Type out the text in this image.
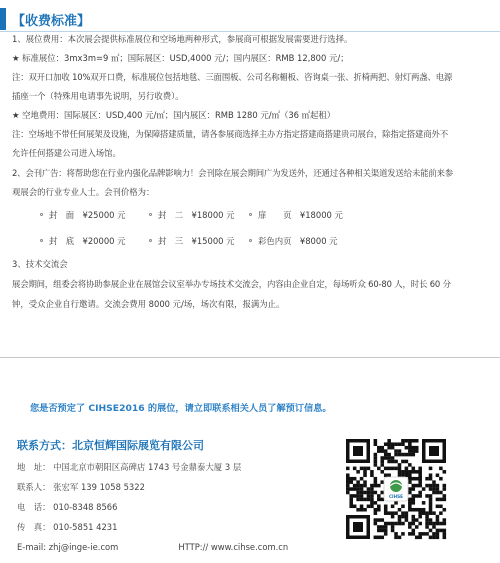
【收费标准】
1、展位费用：本次展会提供标准展位和空场地两种形式，参展商可根据发展需要进行选择。
★ 标准展位：3mx3m=9 ㎡；国际展区：USD,4000 元/；国内展区：RMB 12,800 元/；
注：双开口加收 10%双开口费，标准展位包括地毯、三面围板、公司名称楣板、咨询桌一张、折椅两把、射灯两盏、电源
插座一个（特殊用电请事先说明，另行收费）。
★ 空地费用：国际展区：USD,400 元/㎡；国内展区：RMB 1280 元/㎡（36 ㎡起租）
注：空场地不带任何展架及设施，为保障搭建质量，请各参展商选择主办方指定搭建商搭建贵司展台，除指定搭建商外不
允许任何搭建公司进入场馆。
2、会刊广告：将帮助您在行业内强化品牌影响力！会刊除在展会期间广为发送外，还通过各种相关渠道发送给未能前来参
观展会的行业专业人士。会刊价格为：
封　面　 ¥25000 元	封　二　 ¥18000 元	扉　　页　 ¥18000 元
封　底　 ¥20000 元	封　三　 ¥15000 元	彩色内页　 ¥8000 元
3、技术交流会
展会期间，组委会将协助参展企业在展馆会议室举办专场技术交流会，内容由企业自定，每场听众 60-80 人，时长 60 分
钟，受众企业自行邀请。交流会费用 8000 元/场，场次有限，报满为止。
您是否预定了 CIHSE2016 的展位，请立即联系相关人员了解预订信息。
联系方式：北京恒辉国际展览有限公司
地　址： 中国北京市朝阳区高碑店 1743 号金鼎泰大厦 3 层
联系人： 张宏军 139 1058 5322
电　话： 010-8348 8566
传　真： 010-5851 4231
E-mail: zhj@inge-ie.com	HTTP:// www.cihse.com.cn
CIHSE
